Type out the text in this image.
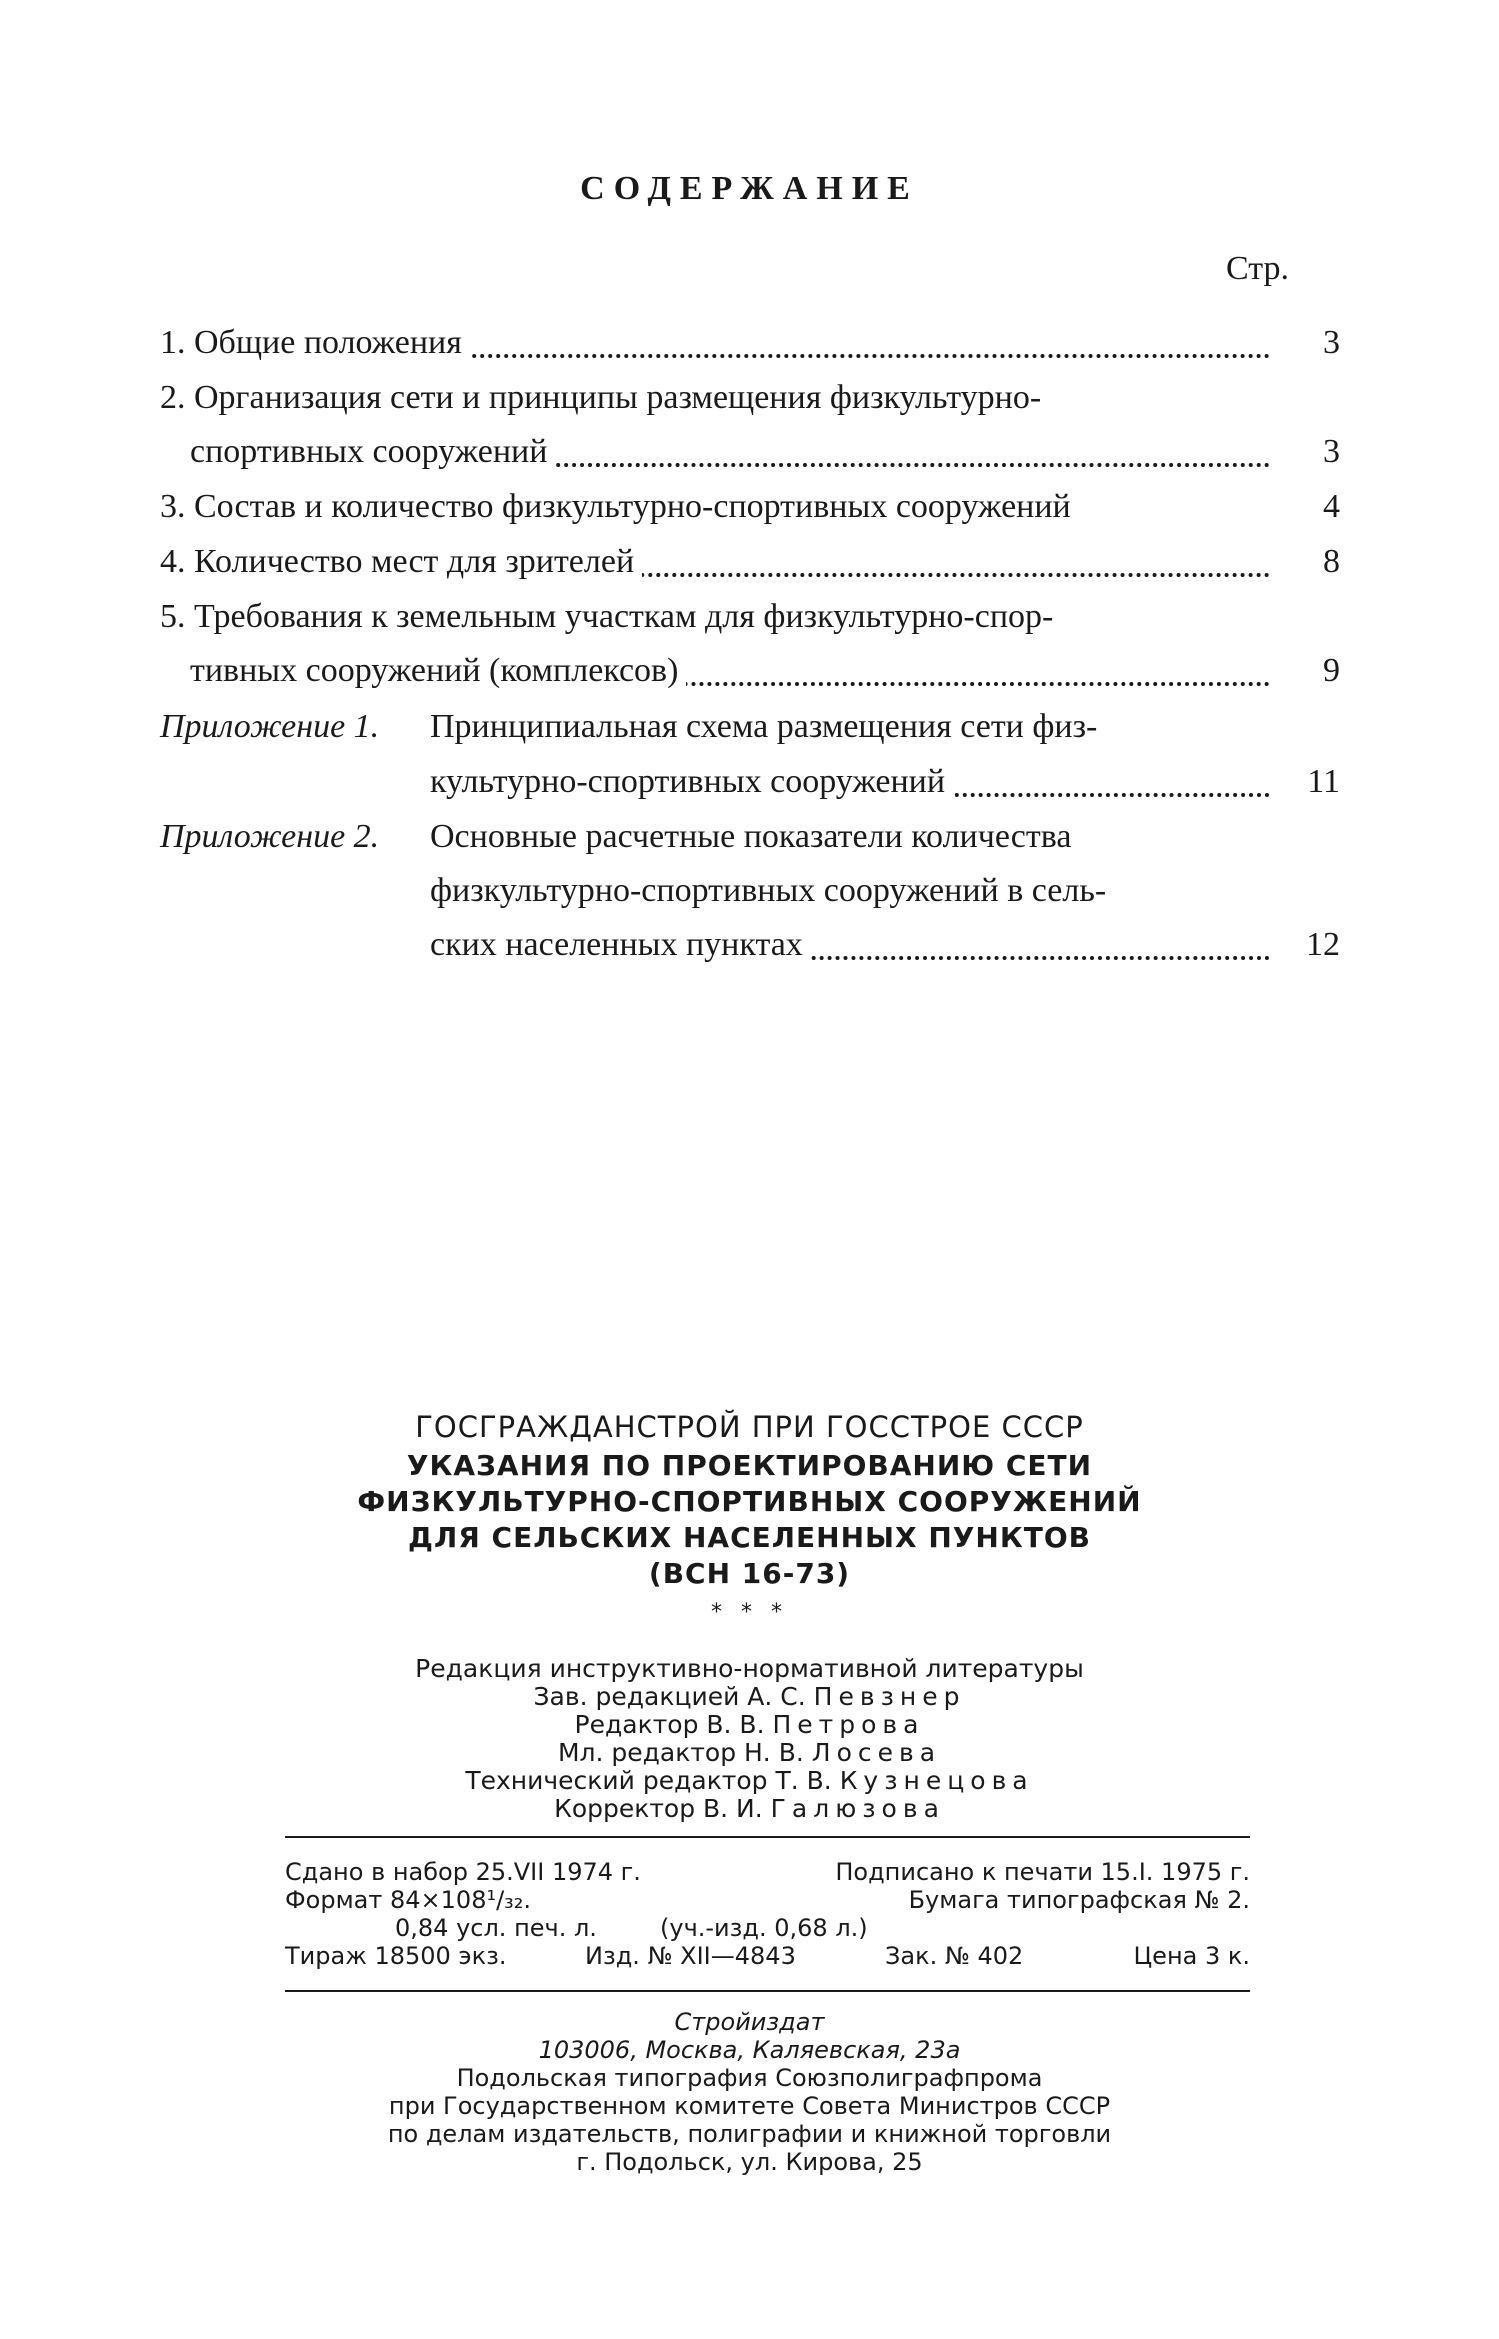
СОДЕРЖАНИЕ
Стр.
1. Общие положения	3
2. Организация сети и принципы размещения физкультурно-
спортивных сооружений	3
3. Состав и количество физкультурно-спортивных сооружений	4
4. Количество мест для зрителей	8
5. Требования к земельным участкам для физкультурно-спор-
тивных сооружений (комплексов)	9
Приложение 1. Принципиальная схема размещения сети физ-
культурно-спортивных сооружений	11
Приложение 2. Основные расчетные показатели количества
физкультурно-спортивных сооружений в сель-
ских населенных пунктах	12
ГОСГРАЖДАНСТРОЙ ПРИ ГОССТРОЕ СССР
УКАЗАНИЯ ПО ПРОЕКТИРОВАНИЮ СЕТИ
ФИЗКУЛЬТУРНО-СПОРТИВНЫХ СООРУЖЕНИЙ
ДЛЯ СЕЛЬСКИХ НАСЕЛЕННЫХ ПУНКТОВ
(ВСН 16-73)
* * *
Редакция инструктивно-нормативной литературы
Зав. редакцией А. С. Певзнер
Редактор В. В. Петрова
Мл. редактор Н. В. Лосева
Технический редактор Т. В. Кузнецова
Корректор В. И. Галюзова
Сдано в набор 25.VII 1974 г.	Подписано к печати 15.I. 1975 г.
Формат 84×108¹/₃₂.	Бумага типографская № 2.
0,84 усл. печ. л.	(уч.-изд. 0,68 л.)
Тираж 18500 экз.	Изд. № XII—4843	Зак. № 402	Цена 3 к.
Стройиздат
103006, Москва, Каляевская, 23а
Подольская типография Союзполиграфпрома
при Государственном комитете Совета Министров СССР
по делам издательств, полиграфии и книжной торговли
г. Подольск, ул. Кирова, 25
